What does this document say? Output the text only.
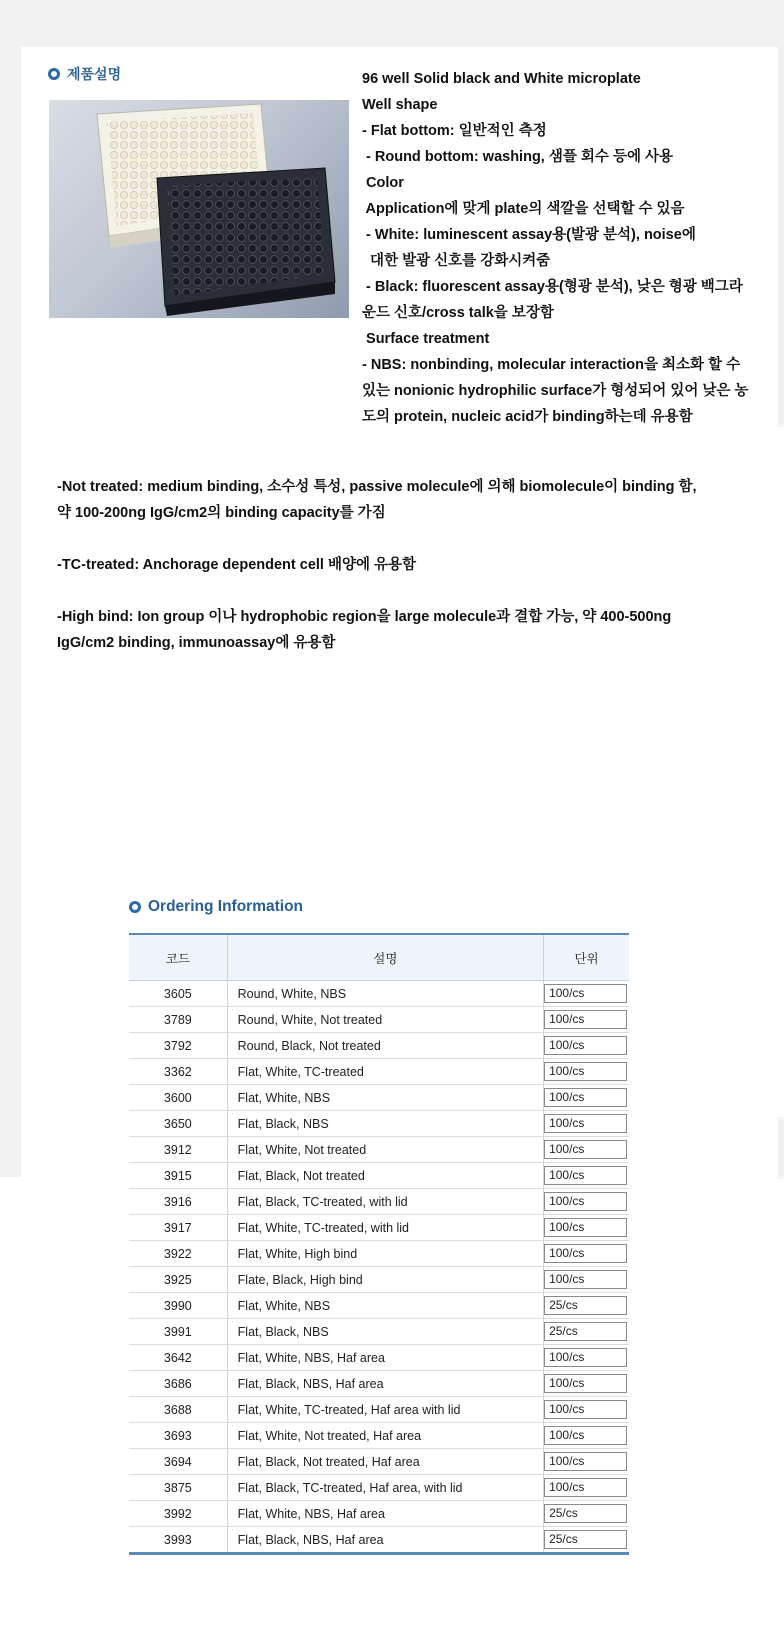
제품설명	96 well Solid black and White microplate
Well shape
- Flat bottom: 일반적인 측정
- Round bottom: washing, 샘플 회수 등에 사용
Color
Application에 맞게 plate의 색깔을 선택할 수 있음
- White: luminescent assay용(발광 분석), noise에
대한 발광 신호를 강화시켜줌
- Black: fluorescent assay용(형광 분석), 낮은 형광 백그라
운드 신호/cross talk을 보장함
Surface treatment
- NBS: nonbinding, molecular interaction을 최소화 할 수
있는 nonionic hydrophilic surface가 형성되어 있어 낮은 농
도의 protein, nucleic acid가 binding하는데 유용함

-Not treated: medium binding, 소수성 특성, passive molecule에 의해 biomolecule이 binding 함,
약 100-200ng IgG/cm2의 binding capacity를 가짐

-TC-treated: Anchorage dependent cell 배양에 유용함

-High bind: Ion group 이나 hydrophobic region을 large molecule과 결합 가능, 약 400-500ng
IgG/cm2 binding, immunoassay에 유용함

Ordering Information
코드	설명	단위
3605	Round, White, NBS	100/cs

3789	Round, White, Not treated	100/cs

3792	Round, Black, Not treated	100/cs

3362	Flat, White, TC-treated	100/cs

3600	Flat, White, NBS	100/cs

3650	Flat, Black, NBS	100/cs

3912	Flat, White, Not treated	100/cs

3915	Flat, Black, Not treated	100/cs

3916	Flat, Black, TC-treated, with lid	100/cs

3917	Flat, White, TC-treated, with lid	100/cs

3922	Flat, White, High bind	100/cs

3925	Flate, Black, High bind	100/cs

3990	Flat, White, NBS	25/cs

3991	Flat, Black, NBS	25/cs

3642	Flat, White, NBS, Haf area	100/cs

3686	Flat, Black, NBS, Haf area	100/cs

3688	Flat, White, TC-treated, Haf area with lid	100/cs

3693	Flat, White, Not treated, Haf area	100/cs

3694	Flat, Black, Not treated, Haf area	100/cs

3875	Flat, Black, TC-treated, Haf area, with lid	100/cs

3992	Flat, White, NBS, Haf area	25/cs

3993	Flat, Black, NBS, Haf area	25/cs
